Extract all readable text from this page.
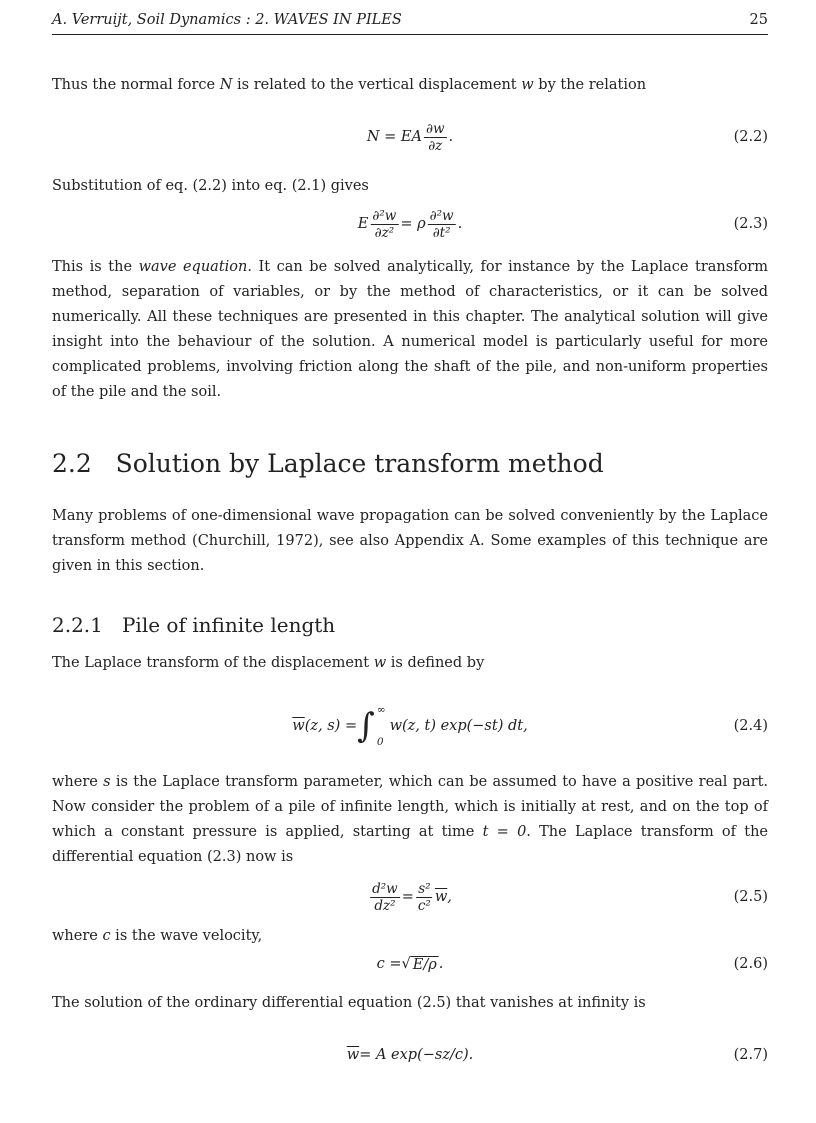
A. Verruijt, Soil Dynamics : 2. WAVES IN PILES	25

Thus the normal force N is related to the vertical displacement w by the relation

N = EA $\frac{\partial w}{\partial z}$ .	(2.2)

Substitution of eq. (2.2) into eq. (2.1) gives

E $\frac{\text{∂²w}}{\text{∂z²}} = \rho \frac{\text{∂²w}}{\text{∂t²}}$ .	(2.3)

This is the wave equation. It can be solved analytically, for instance by the Laplace transform method, separation of variables, or by the method of characteristics, or it can be solved numerically. All these techniques are presented in this chapter. The analytical solution will give insight into the behaviour of the solution. A numerical model is particularly useful for more complicated problems, involving friction along the shaft of the pile, and non-uniform properties of the pile and the soil.

2.2 Solution by Laplace transform method

Many problems of one-dimensional wave propagation can be solved conveniently by the Laplace transform method (Churchill, 1972), see also Appendix A. Some examples of this technique are given in this section.

2.2.1 Pile of infinite length

The Laplace transform of the displacement w is defined by

$\overline{w}$ (z, s) = ∫ ∞
0
w(z, t) exp(−st) dt,	(2.4)

where s is the Laplace transform parameter, which can be assumed to have a positive real part. Now consider the problem of a pile of infinite length, which is initially at rest, and on the top of which a constant pressure is applied, starting at time t = 0. The Laplace transform of the differential equation (2.3) now is

$\frac{\text{d²w}}{\text{dz²}} = \frac{\text{s²}}{\text{c²}} \overline{w}$ ,	(2.5)

where c is the wave velocity,

c = √ E/ρ .	(2.6)

The solution of the ordinary differential equation (2.5) that vanishes at infinity is

$\overline{w} = A$ exp(−sz/c).	(2.7)
